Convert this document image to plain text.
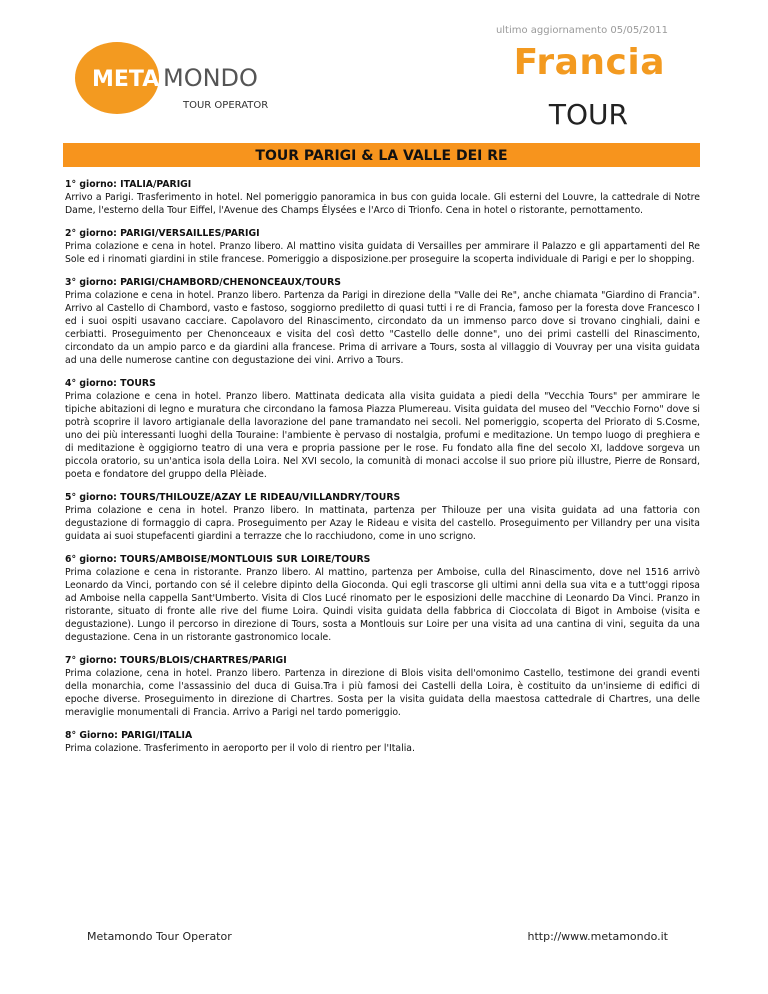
ultimo aggiornamento 05/05/2011
META MONDO
TOUR OPERATOR
Francia
TOUR
TOUR PARIGI & LA VALLE DEI RE
1° giorno: ITALIA/PARIGI

Arrivo a Parigi. Trasferimento in hotel. Nel pomeriggio panoramica in bus con guida locale. Gli esterni del Louvre, la cattedrale di Notre Dame, l'esterno della Tour Eiffel, l'Avenue des Champs Élysées e l'Arco di Trionfo. Cena in hotel o ristorante, pernottamento.

2° giorno: PARIGI/VERSAILLES/PARIGI

Prima colazione e cena in hotel. Pranzo libero. Al mattino visita guidata di Versailles per ammirare il Palazzo e gli appartamenti del Re Sole ed i rinomati giardini in stile francese. Pomeriggio a disposizione.per proseguire la scoperta individuale di Parigi e per lo shopping.

3° giorno: PARIGI/CHAMBORD/CHENONCEAUX/TOURS

Prima colazione e cena in hotel. Pranzo libero. Partenza da Parigi in direzione della "Valle dei Re", anche chiamata "Giardino di Francia". Arrivo al Castello di Chambord, vasto e fastoso, soggiorno prediletto di quasi tutti i re di Francia, famoso per la foresta dove Francesco I ed i suoi ospiti usavano cacciare. Capolavoro del Rinascimento, circondato da un immenso parco dove si trovano cinghiali, daini e cerbiatti. Proseguimento per Chenonceaux e visita del così detto "Castello delle donne", uno dei primi castelli del Rinascimento, circondato da un ampio parco e da giardini alla francese. Prima di arrivare a Tours, sosta al villaggio di Vouvray per una visita guidata ad una delle numerose cantine con degustazione dei vini. Arrivo a Tours.

4° giorno: TOURS

Prima colazione e cena in hotel. Pranzo libero. Mattinata dedicata alla visita guidata a piedi della "Vecchia Tours" per ammirare le tipiche abitazioni di legno e muratura che circondano la famosa Piazza Plumereau. Visita guidata del museo del "Vecchio Forno" dove si potrà scoprire il lavoro artigianale della lavorazione del pane tramandato nei secoli. Nel pomeriggio, scoperta del Priorato di S.Cosme, uno dei più interessanti luoghi della Touraine: l'ambiente è pervaso di nostalgia, profumi e meditazione. Un tempo luogo di preghiera e di meditazione è oggigiorno teatro di una vera e propria passione per le rose. Fu fondato alla fine del secolo XI, laddove sorgeva un piccola oratorio, su un'antica isola della Loira. Nel XVI secolo, la comunità di monaci accolse il suo priore più illustre, Pierre de Ronsard, poeta e fondatore del gruppo della Plèiade.

5° giorno: TOURS/THILOUZE/AZAY LE RIDEAU/VILLANDRY/TOURS

Prima colazione e cena in hotel. Pranzo libero. In mattinata, partenza per Thilouze per una visita guidata ad una fattoria con degustazione di formaggio di capra. Proseguimento per Azay le Rideau e visita del castello. Proseguimento per Villandry per una visita guidata ai suoi stupefacenti giardini a terrazze che lo racchiudono, come in uno scrigno.

6° giorno: TOURS/AMBOISE/MONTLOUIS SUR LOIRE/TOURS

Prima colazione e cena in ristorante. Pranzo libero. Al mattino, partenza per Amboise, culla del Rinascimento, dove nel 1516 arrivò Leonardo da Vinci, portando con sé il celebre dipinto della Gioconda. Qui egli trascorse gli ultimi anni della sua vita e a tutt'oggi riposa ad Amboise nella cappella Sant'Umberto. Visita di Clos Lucé rinomato per le esposizioni delle macchine di Leonardo Da Vinci. Pranzo in ristorante, situato di fronte alle rive del fiume Loira. Quindi visita guidata della fabbrica di Cioccolata di Bigot in Amboise (visita e degustazione). Lungo il percorso in direzione di Tours, sosta a Montlouis sur Loire per una visita ad una cantina di vini, seguita da una degustazione. Cena in un ristorante gastronomico locale.

7° giorno: TOURS/BLOIS/CHARTRES/PARIGI

Prima colazione, cena in hotel. Pranzo libero. Partenza in direzione di Blois visita dell'omonimo Castello, testimone dei grandi eventi della monarchia, come l'assassinio del duca di Guisa.Tra i più famosi dei Castelli della Loira, è costituito da un'insieme di edifici di epoche diverse. Proseguimento in direzione di Chartres. Sosta per la visita guidata della maestosa cattedrale di Chartres, una delle meraviglie monumentali di Francia. Arrivo a Parigi nel tardo pomeriggio.

8° Giorno: PARIGI/ITALIA

Prima colazione. Trasferimento in aeroporto per il volo di rientro per l'Italia.

Metamondo Tour Operator	http://www.metamondo.it
